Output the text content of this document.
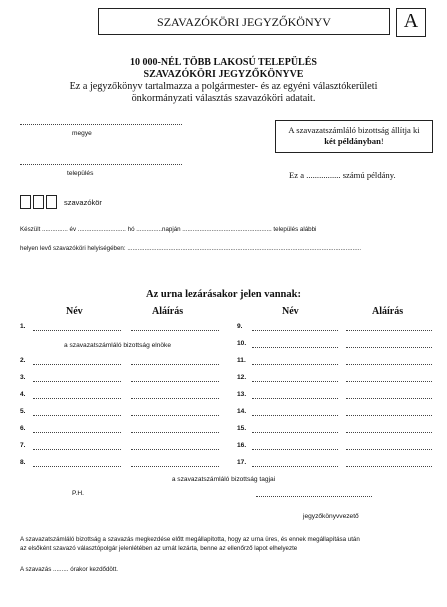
SZAVAZÓKÖRI JEGYZŐKÖNYV	A
10 000-NÉL TÖBB LAKOSÚ TELEPÜLÉS
SZAVAZÓKÖRI JEGYZŐKÖNYVE
Ez a jegyzőkönyv tartalmazza a polgármester- és az egyéni választókerületi
önkormányzati választás szavazóköri adatait.
megye
település
A szavazatszámláló bizottság állítja ki
két példányban!
Ez a ................ számú példány.
szavazókör
Készült ............... év ............................ hó ...............napján .................................................... település alábbi
helyen levő szavazóköri helyiségében: ........................................................................................................................................
Az urna lezárásakor jelen vannak:
Név	Aláírás	Név	Aláírás
1.
a szavazatszámláló bizottság elnöke
2.
3.
4.
5.
6.
7.
8.
9.
10.
11.
12.
13.
14.
15.
16.
17.
a szavazatszámláló bizottság tagjai
P.H.
jegyzőkönyvvezető
A szavazatszámláló bizottság a szavazás megkezdése előtt megállapította, hogy az urna üres, és ennek megállapítása után
az elsőként szavazó választópolgár jelenlétében az urnát lezárta, benne az ellenőrző lapot elhelyezte
A szavazás ......... órakor kezdődött.
